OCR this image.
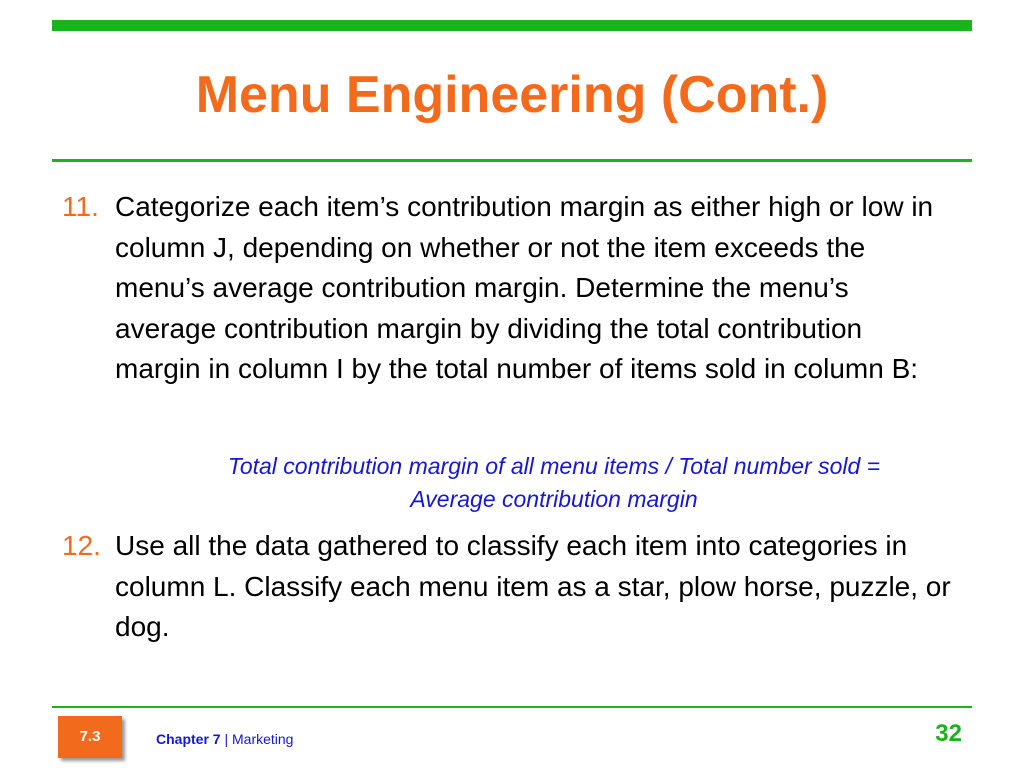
Menu Engineering (Cont.)
11. Categorize each item’s contribution margin as either high or low in column J, depending on whether or not the item exceeds the menu’s average contribution margin. Determine the menu’s average contribution margin by dividing the total contribution margin in column I by the total number of items sold in column B:
Total contribution margin of all menu items / Total number sold =
Average contribution margin
12. Use all the data gathered to classify each item into categories in column L. Classify each menu item as a star, plow horse, puzzle, or dog.
7.3	Chapter 7 | Marketing	32
